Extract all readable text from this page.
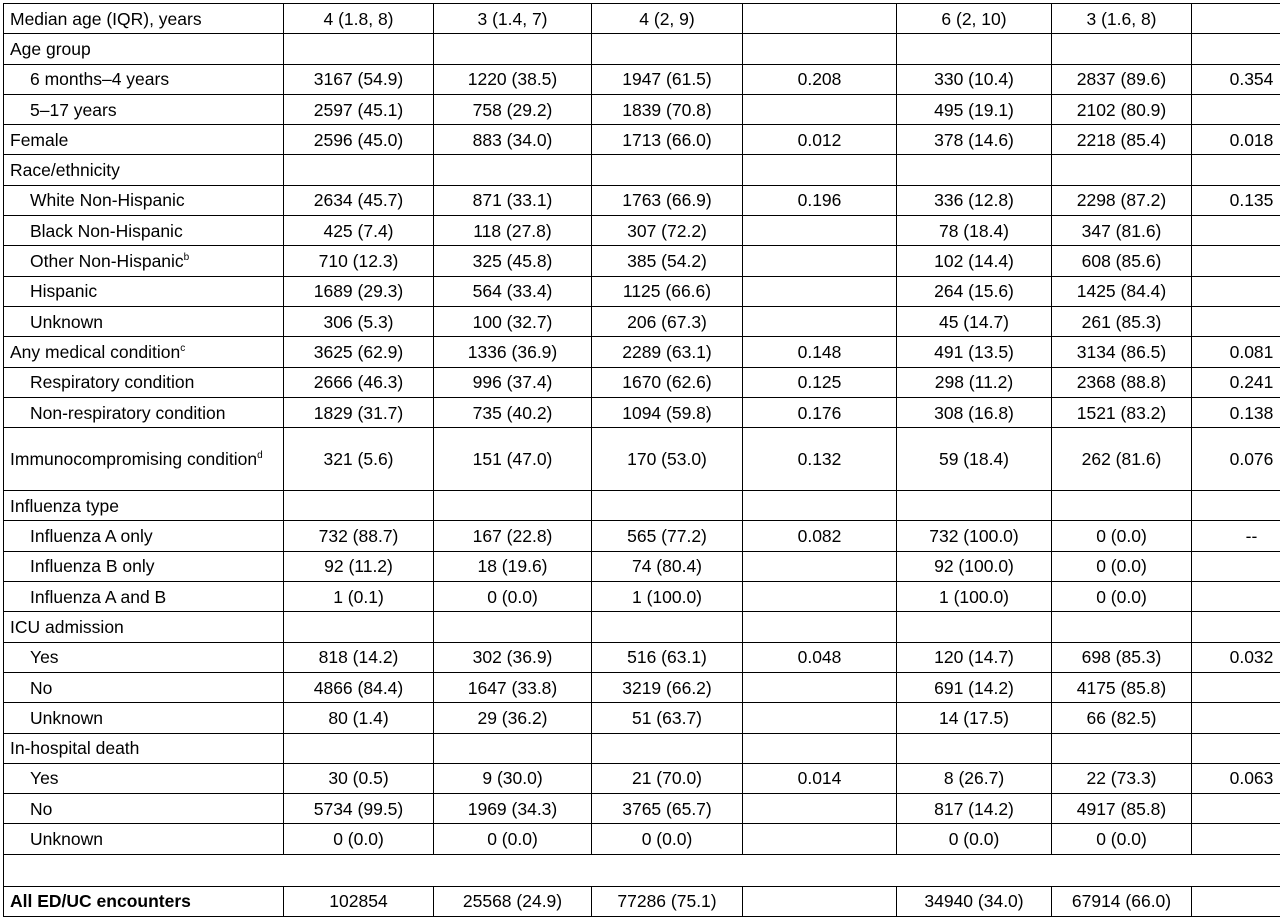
Median age (IQR), years	4 (1.8, 8)	3 (1.4, 7)	4 (2, 9)		6 (2, 10)	3 (1.6, 8)	
Age group							
6 months–4 years	3167 (54.9)	1220 (38.5)	1947 (61.5)	0.208	330 (10.4)	2837 (89.6)	0.354
5–17 years	2597 (45.1)	758 (29.2)	1839 (70.8)		495 (19.1)	2102 (80.9)	
Female	2596 (45.0)	883 (34.0)	1713 (66.0)	0.012	378 (14.6)	2218 (85.4)	0.018
Race/ethnicity							
White Non-Hispanic	2634 (45.7)	871 (33.1)	1763 (66.9)	0.196	336 (12.8)	2298 (87.2)	0.135
Black Non-Hispanic	425 (7.4)	118 (27.8)	307 (72.2)		78 (18.4)	347 (81.6)	
Other Non-Hispanic$^b$	710 (12.3)	325 (45.8)	385 (54.2)		102 (14.4)	608 (85.6)	
Hispanic	1689 (29.3)	564 (33.4)	1125 (66.6)		264 (15.6)	1425 (84.4)	
Unknown	306 (5.3)	100 (32.7)	206 (67.3)		45 (14.7)	261 (85.3)	
Any medical condition$^c$	3625 (62.9)	1336 (36.9)	2289 (63.1)	0.148	491 (13.5)	3134 (86.5)	0.081
Respiratory condition	2666 (46.3)	996 (37.4)	1670 (62.6)	0.125	298 (11.2)	2368 (88.8)	0.241
Non-respiratory condition	1829 (31.7)	735 (40.2)	1094 (59.8)	0.176	308 (16.8)	1521 (83.2)	0.138
Immunocompromising condition$^d$	321 (5.6)	151 (47.0)	170 (53.0)	0.132	59 (18.4)	262 (81.6)	0.076
Influenza type							
Influenza A only	732 (88.7)	167 (22.8)	565 (77.2)	0.082	732 (100.0)	0 (0.0)	--
Influenza B only	92 (11.2)	18 (19.6)	74 (80.4)		92 (100.0)	0 (0.0)	
Influenza A and B	1 (0.1)	0 (0.0)	1 (100.0)		1 (100.0)	0 (0.0)	
ICU admission							
Yes	818 (14.2)	302 (36.9)	516 (63.1)	0.048	120 (14.7)	698 (85.3)	0.032
No	4866 (84.4)	1647 (33.8)	3219 (66.2)		691 (14.2)	4175 (85.8)	
Unknown	80 (1.4)	29 (36.2)	51 (63.7)		14 (17.5)	66 (82.5)	
In-hospital death							
Yes	30 (0.5)	9 (30.0)	21 (70.0)	0.014	8 (26.7)	22 (73.3)	0.063
No	5734 (99.5)	1969 (34.3)	3765 (65.7)		817 (14.2)	4917 (85.8)	
Unknown	0 (0.0)	0 (0.0)	0 (0.0)		0 (0.0)	0 (0.0)	

All ED/UC encounters	102854	25568 (24.9)	77286 (75.1)		34940 (34.0)	67914 (66.0)	
